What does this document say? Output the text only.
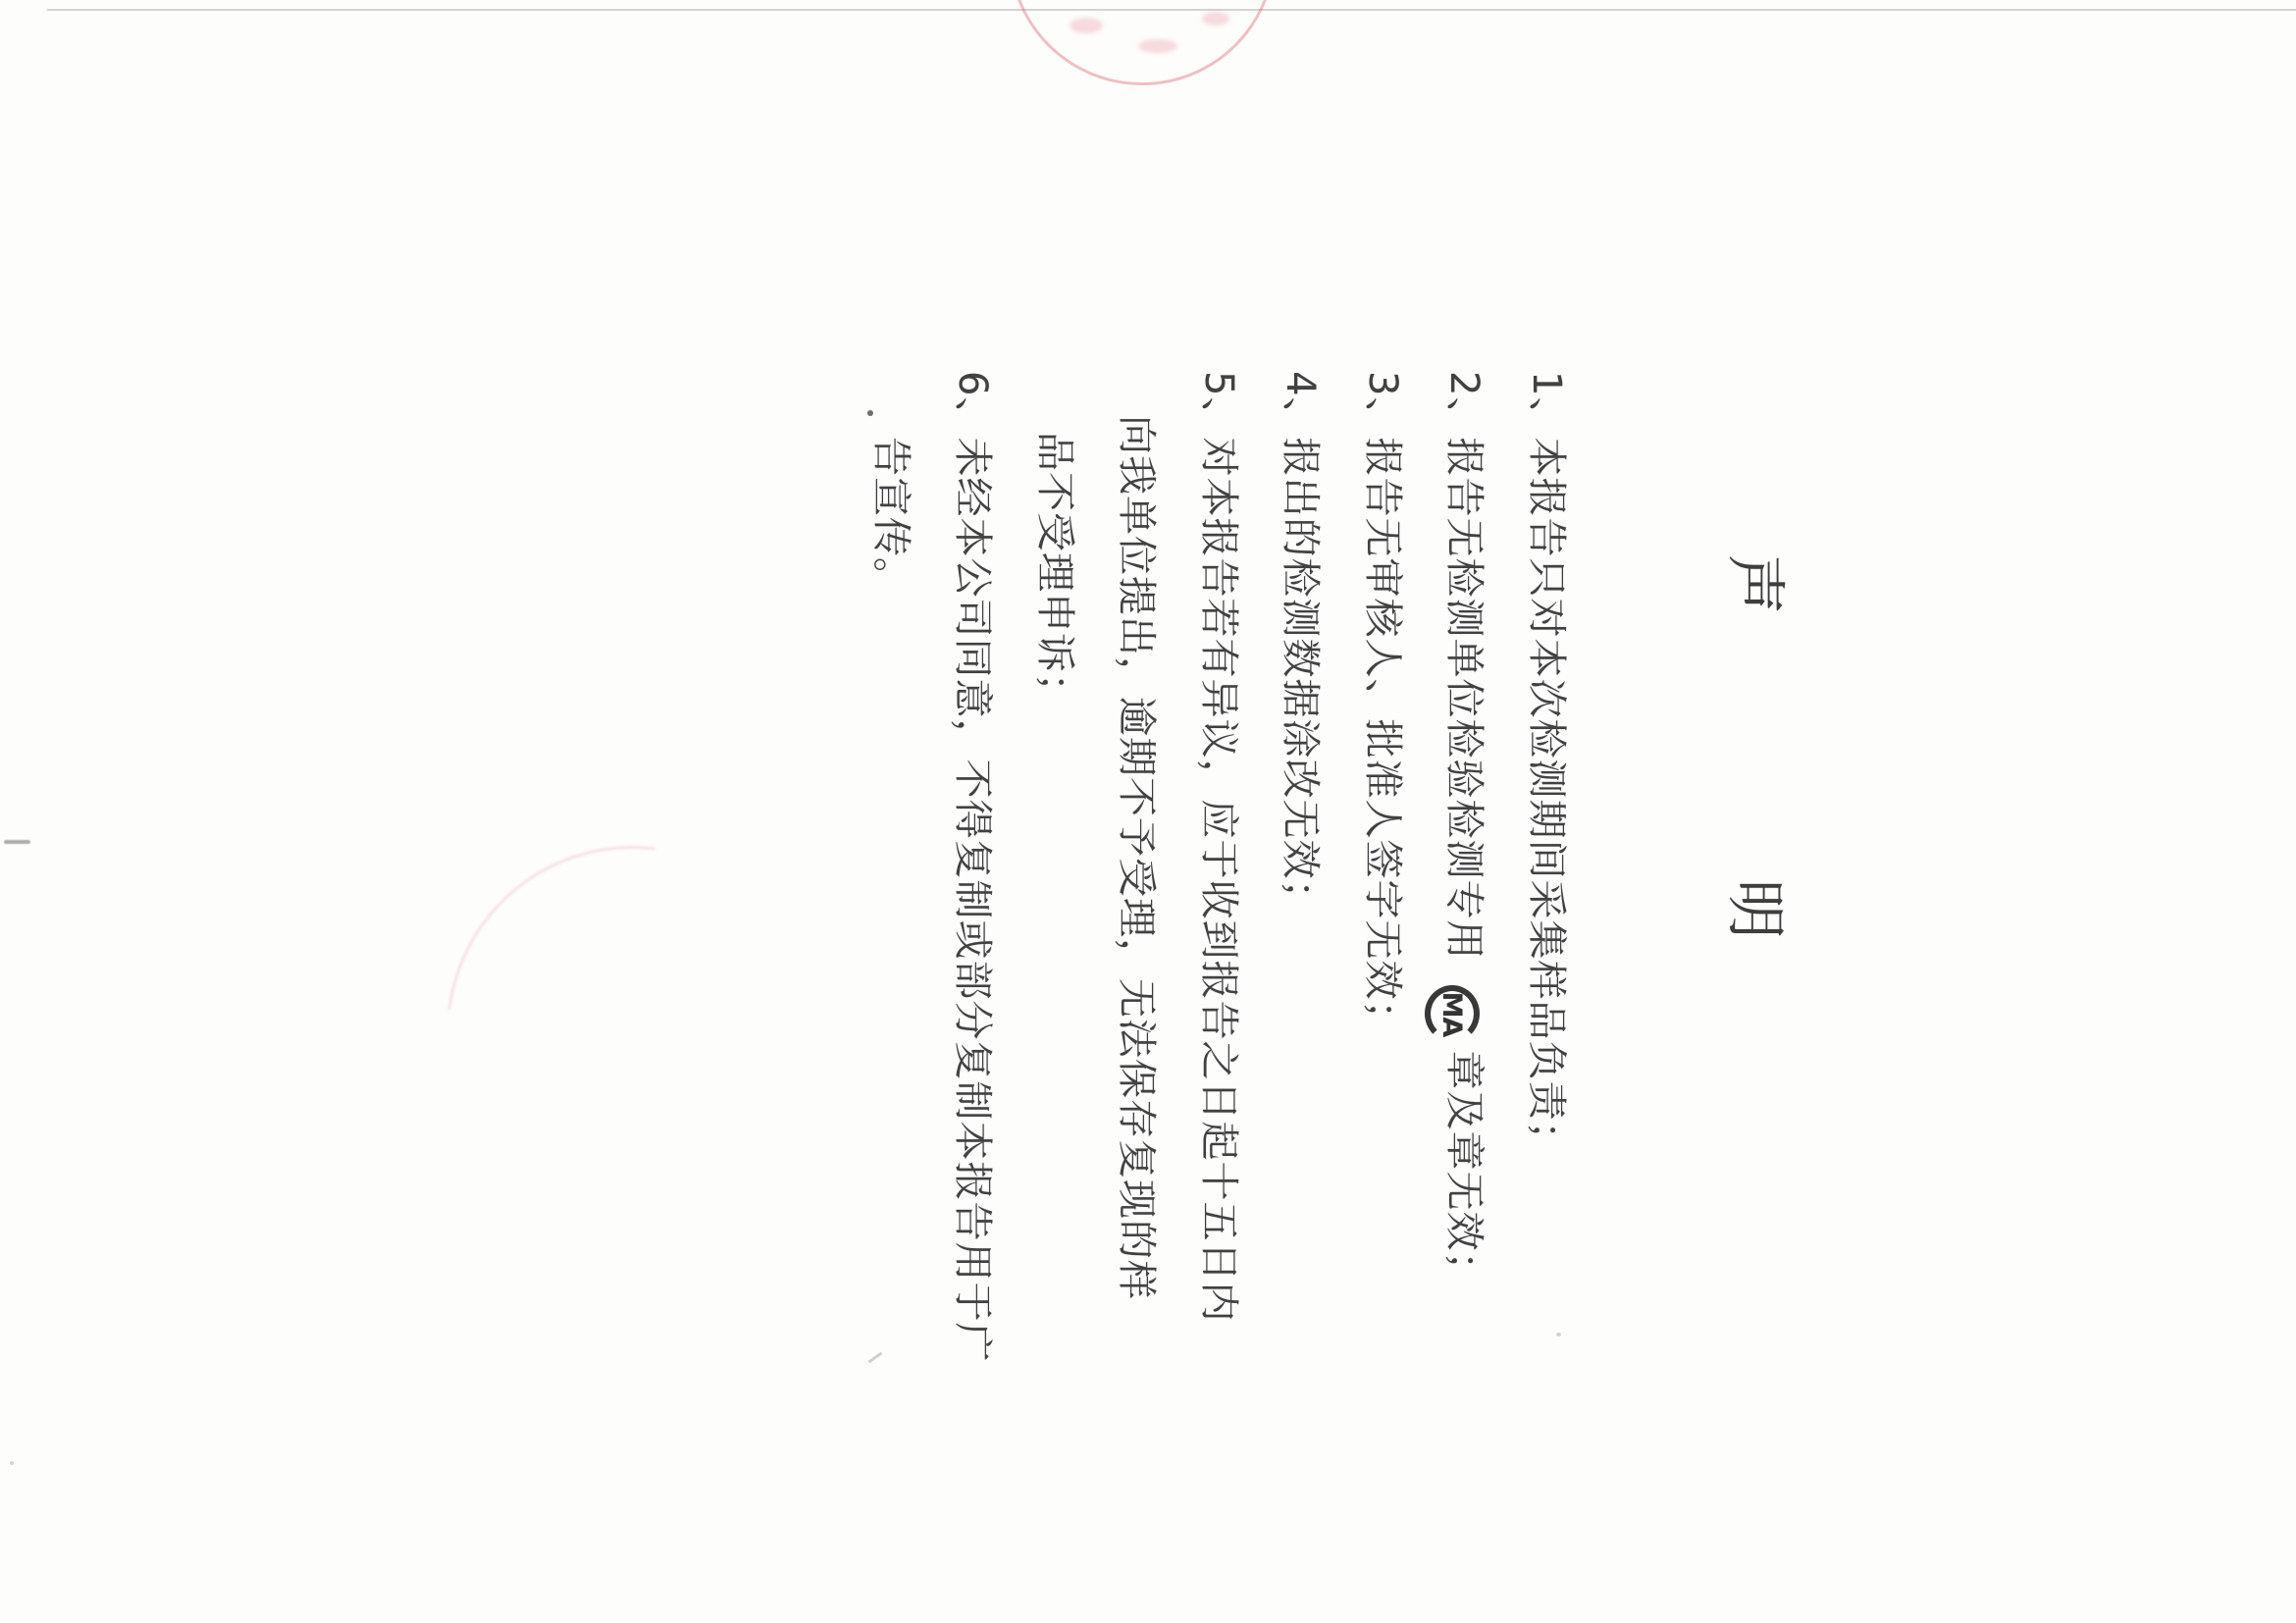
声
明
1、本报告只对本次检测期间采集样品负责；
2、报告无检测单位检验检测专用MA章及章无效；
3、报告无审核人、批准人签字无效；
4、报出的检测数据涂改无效；
5、对本报告若有异议，应于收到报告之日起十五日内
向我单位提出，逾期不予受理，无法保存复现的样
品不受理申诉；
6、未经本公司同意，不得复制或部分复制本报告用于广
告宣传。
